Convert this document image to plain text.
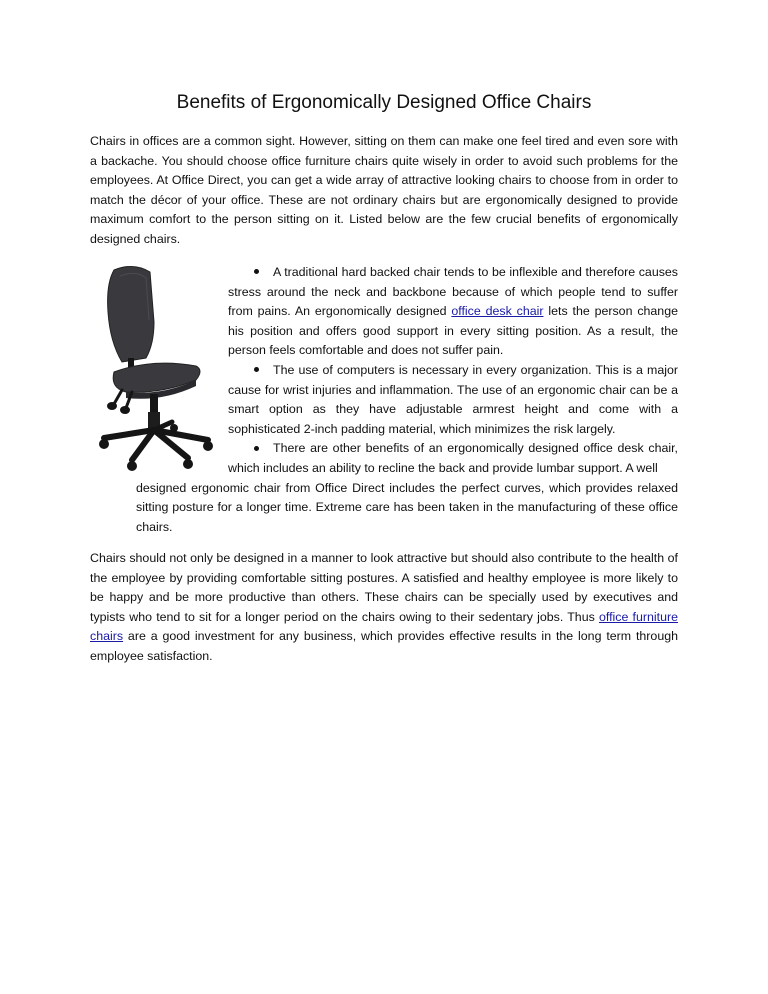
Benefits of Ergonomically Designed Office Chairs

Chairs in offices are a common sight. However, sitting on them can make one feel tired and even sore with a backache. You should choose office furniture chairs quite wisely in order to avoid such problems for the employees. At Office Direct, you can get a wide array of attractive looking chairs to choose from in order to match the décor of your office. These are not ordinary chairs but are ergonomically designed to provide maximum comfort to the person sitting on it. Listed below are the few crucial benefits of ergonomically designed chairs.

A traditional hard backed chair tends to be inflexible and therefore causes stress around the neck and backbone because of which people tend to suffer from pains. An ergonomically designed office desk chair lets the person change his position and offers good support in every sitting position. As a result, the person feels comfortable and does not suffer pain.
The use of computers is necessary in every organization. This is a major cause for wrist injuries and inflammation. The use of an ergonomic chair can be a smart option as they have adjustable armrest height and come with a sophisticated 2-inch padding material, which minimizes the risk largely.
There are other benefits of an ergonomically designed office desk chair, which includes an ability to recline the back and provide lumbar support. A well
designed ergonomic chair from Office Direct includes the perfect curves, which provides relaxed sitting posture for a longer time. Extreme care has been taken in the manufacturing of these office chairs.

Chairs should not only be designed in a manner to look attractive but should also contribute to the health of the employee by providing comfortable sitting postures. A satisfied and healthy employee is more likely to be happy and be more productive than others. These chairs can be specially used by executives and typists who tend to sit for a longer period on the chairs owing to their sedentary jobs. Thus office furniture chairs are a good investment for any business, which provides effective results in the long term through employee satisfaction.
